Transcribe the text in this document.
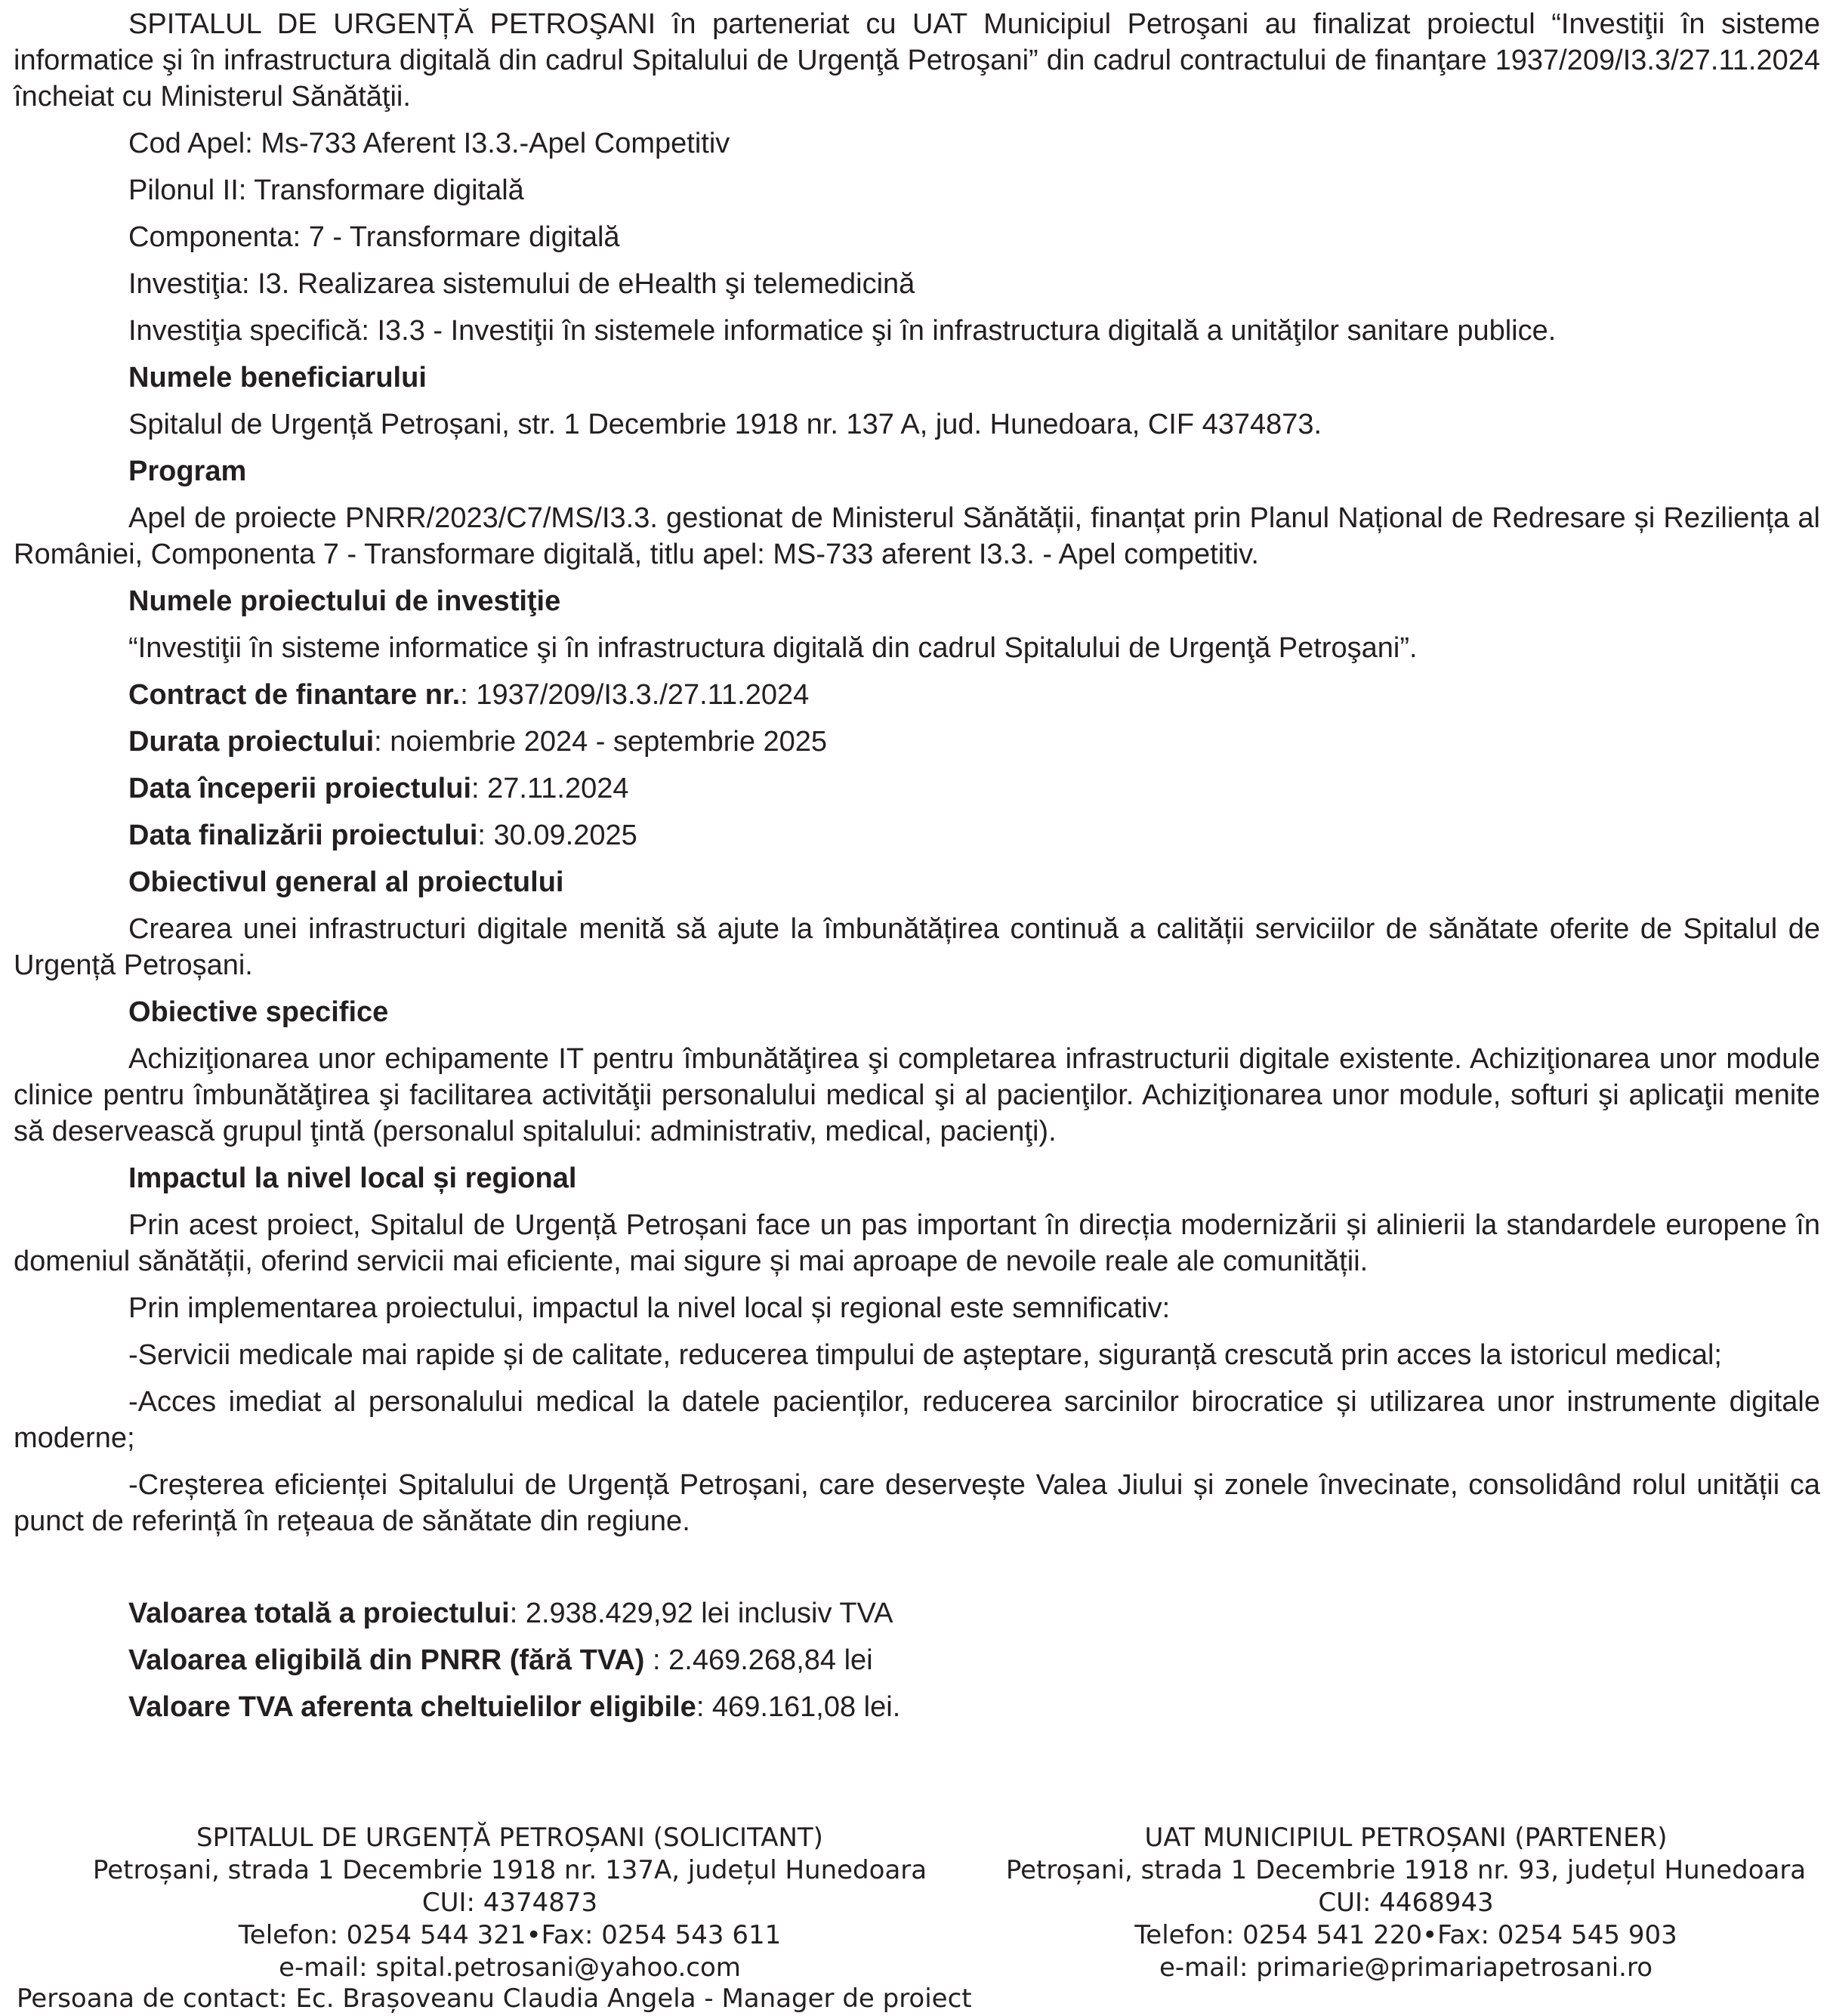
SPITALUL DE URGENȚĂ PETROŞANI în parteneriat cu UAT Municipiul Petroşani au finalizat proiectul “Investiţii în sisteme informatice şi în infrastructura digitală din cadrul Spitalului de Urgenţă Petroşani” din cadrul contractului de finanţare 1937/209/I3.3/27.11.2024 încheiat cu Ministerul Sănătăţii.

Cod Apel: Ms-733 Aferent I3.3.-Apel Competitiv

Pilonul II: Transformare digitală

Componenta: 7 - Transformare digitală

Investiţia: I3. Realizarea sistemului de eHealth şi telemedicină

Investiţia specifică: I3.3 - Investiţii în sistemele informatice şi în infrastructura digitală a unităţilor sanitare publice.

Numele beneficiarului

Spitalul de Urgență Petroșani, str. 1 Decembrie 1918 nr. 137 A, jud. Hunedoara, CIF 4374873.

Program

Apel de proiecte PNRR/2023/C7/MS/I3.3. gestionat de Ministerul Sănătății, finanțat prin Planul Național de Redresare și Reziliența al României, Componenta 7 - Transformare digitală, titlu apel: MS-733 aferent I3.3. - Apel competitiv.

Numele proiectului de investiţie

“Investiţii în sisteme informatice şi în infrastructura digitală din cadrul Spitalului de Urgenţă Petroşani”.

Contract de finantare nr.: 1937/209/I3.3./27.11.2024

Durata proiectului: noiembrie 2024 - septembrie 2025

Data începerii proiectului: 27.11.2024

Data finalizării proiectului: 30.09.2025

Obiectivul general al proiectului

Crearea unei infrastructuri digitale menită să ajute la îmbunătățirea continuă a calității serviciilor de sănătate oferite de Spitalul de Urgență Petroșani.

Obiective specifice

Achiziţionarea unor echipamente IT pentru îmbunătăţirea şi completarea infrastructurii digitale existente. Achiziţionarea unor module clinice pentru îmbunătăţirea şi facilitarea activităţii personalului medical şi al pacienţilor. Achiziţionarea unor module, softuri şi aplicaţii menite să deservească grupul ţintă (personalul spitalului: administrativ, medical, pacienţi).

Impactul la nivel local și regional

Prin acest proiect, Spitalul de Urgență Petroșani face un pas important în direcția modernizării și alinierii la standardele europene în domeniul sănătății, oferind servicii mai eficiente, mai sigure și mai aproape de nevoile reale ale comunității.

Prin implementarea proiectului, impactul la nivel local și regional este semnificativ:

-Servicii medicale mai rapide și de calitate, reducerea timpului de așteptare, siguranță crescută prin acces la istoricul medical;

-Acces imediat al personalului medical la datele pacienților, reducerea sarcinilor birocratice și utilizarea unor instrumente digitale moderne;

-Creșterea eficienței Spitalului de Urgență Petroșani, care deservește Valea Jiului și zonele învecinate, consolidând rolul unității ca punct de referință în rețeaua de sănătate din regiune.

Valoarea totală a proiectului: 2.938.429,92 lei inclusiv TVA

Valoarea eligibilă din PNRR (fără TVA) : 2.469.268,84 lei

Valoare TVA aferenta cheltuielilor eligibile: 469.161,08 lei.

SPITALUL DE URGENȚĂ PETROȘANI (SOLICITANT)
Petroșani, strada 1 Decembrie 1918 nr. 137A, județul Hunedoara
CUI: 4374873
Telefon: 0254 544 321•Fax: 0254 543 611
e-mail: spital.petrosani@yahoo.com
UAT MUNICIPIUL PETROȘANI (PARTENER)
Petroșani, strada 1 Decembrie 1918 nr. 93, județul Hunedoara
CUI: 4468943
Telefon: 0254 541 220•Fax: 0254 545 903
e-mail: primarie@primariapetrosani.ro
Persoana de contact: Ec. Brașoveanu Claudia Angela - Manager de proiect
